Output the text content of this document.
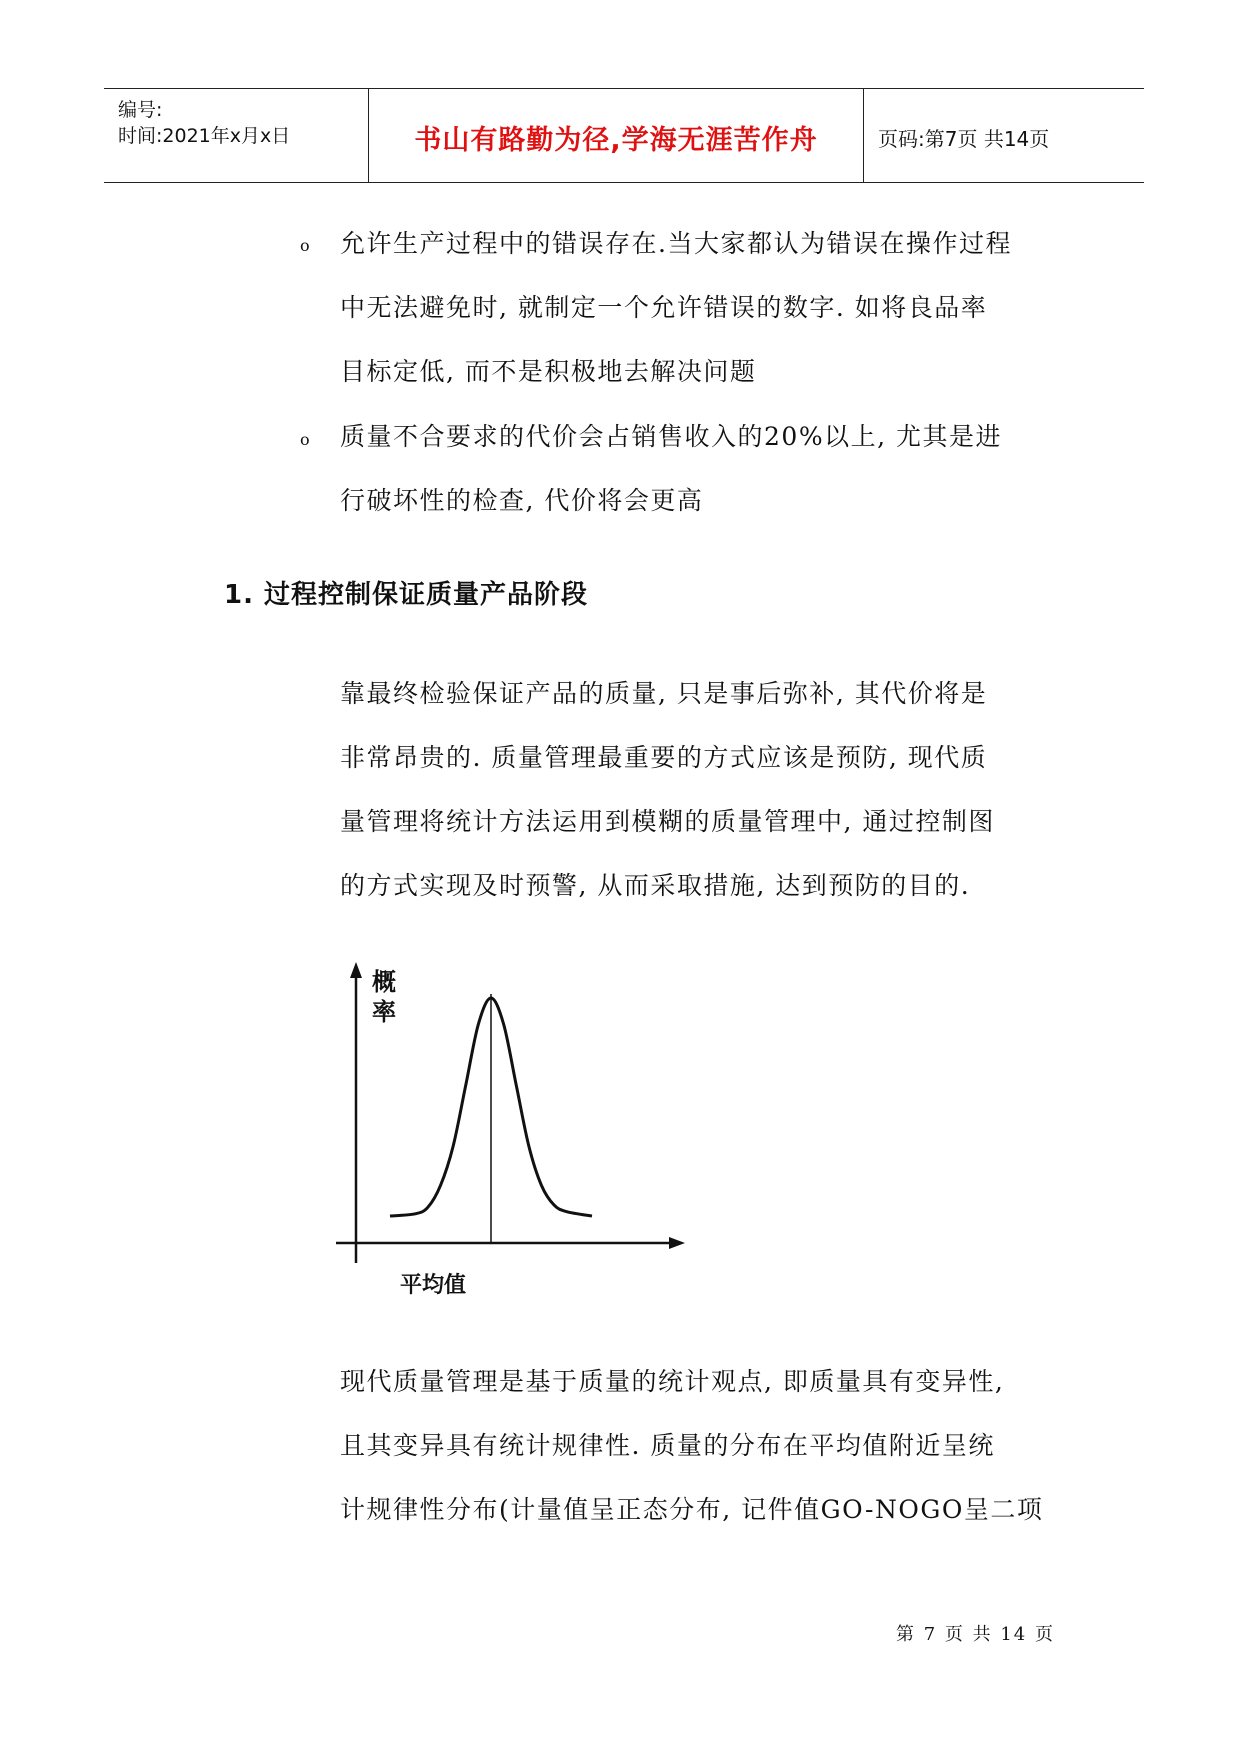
编号:
时间:2021年x月x日	书山有路勤为径,学海无涯苦作舟	页码:第7页 共14页
o 允许生产过程中的错误存在.当大家都认为错误在操作过程
中无法避免时, 就制定一个允许错误的数字. 如将良品率
目标定低, 而不是积极地去解决问题
o 质量不合要求的代价会占销售收入的20%以上, 尤其是进
行破坏性的检查, 代价将会更高
1. 过程控制保证质量产品阶段
靠最终检验保证产品的质量, 只是事后弥补, 其代价将是
非常昂贵的. 质量管理最重要的方式应该是预防, 现代质
量管理将统计方法运用到模糊的质量管理中, 通过控制图
的方式实现及时预警, 从而采取措施, 达到预防的目的.
概
率
平均值
现代质量管理是基于质量的统计观点, 即质量具有变异性,
且其变异具有统计规律性. 质量的分布在平均值附近呈统
计规律性分布(计量值呈正态分布, 记件值GO-NOGO呈二项
第 7 页 共 14 页
